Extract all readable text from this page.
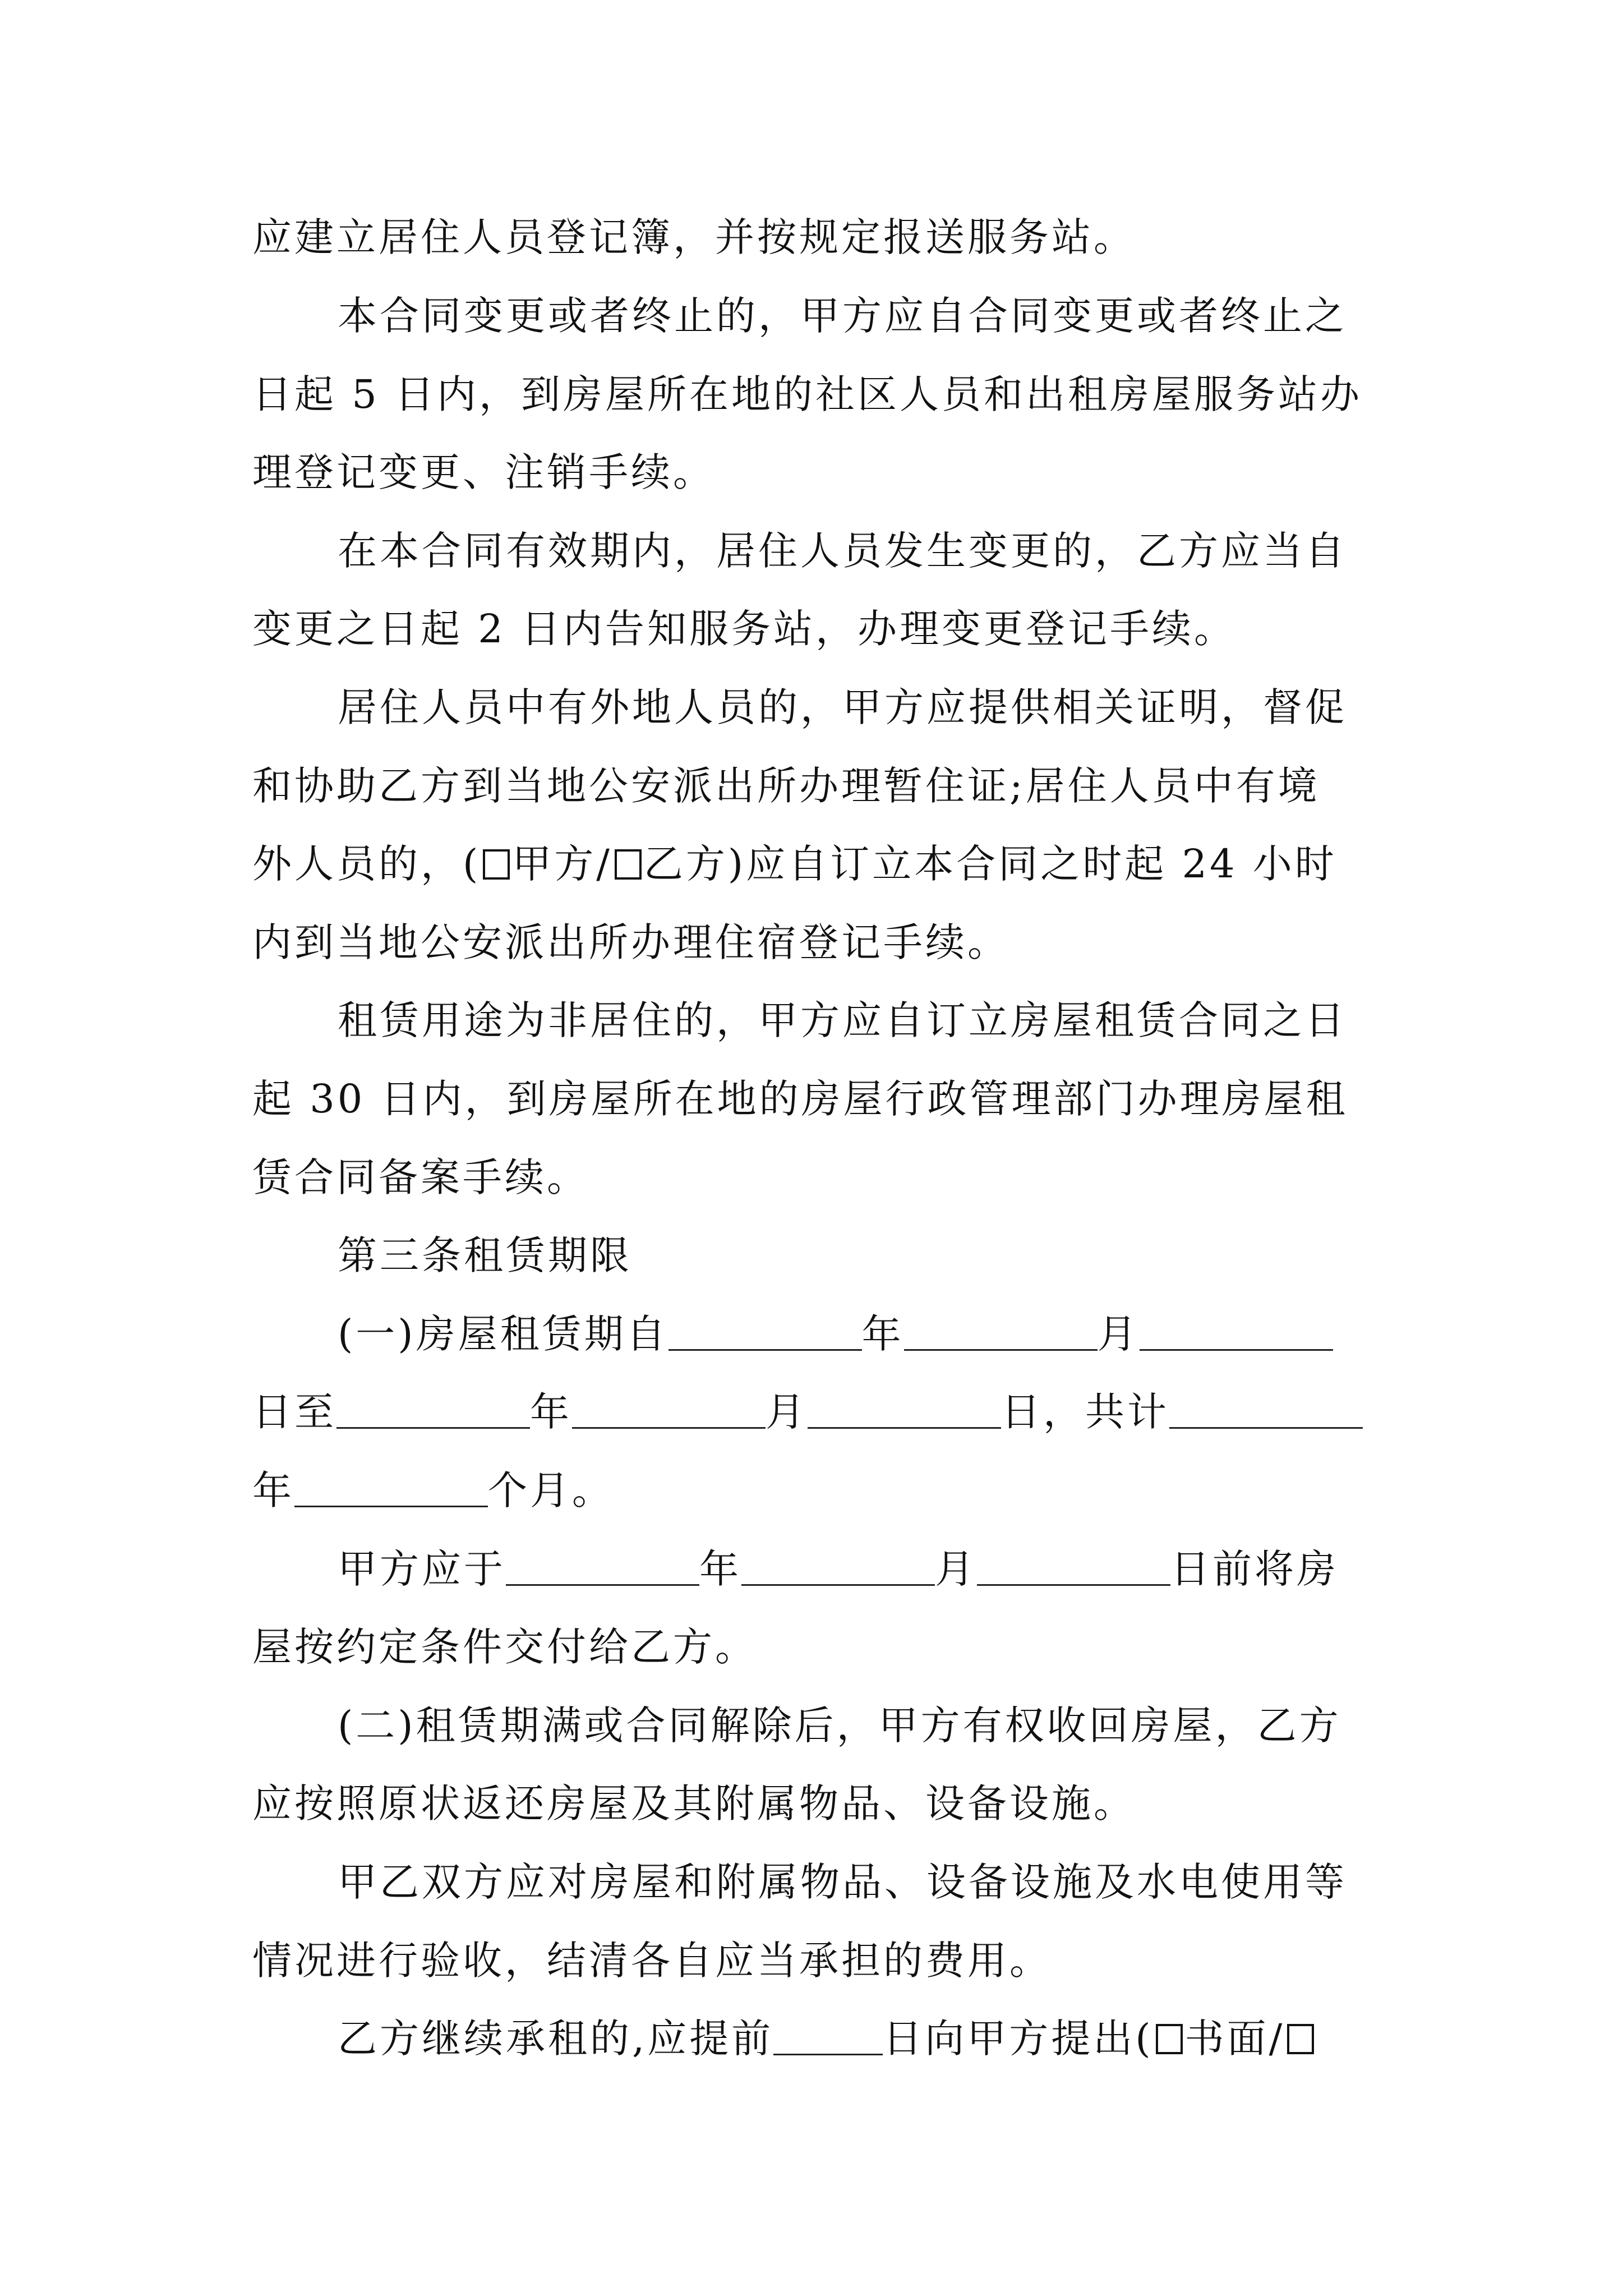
应建立居住人员登记簿，并按规定报送服务站。
本合同变更或者终止的，甲方应自合同变更或者终止之
日起 5 日内，到房屋所在地的社区人员和出租房屋服务站办
理登记变更、注销手续。
在本合同有效期内，居住人员发生变更的，乙方应当自
变更之日起 2 日内告知服务站，办理变更登记手续。
居住人员中有外地人员的，甲方应提供相关证明，督促
和协助乙方到当地公安派出所办理暂住证;居住人员中有境
外人员的，( 甲方/ 乙方)应自订立本合同之时起 24 小时
内到当地公安派出所办理住宿登记手续。
租赁用途为非居住的，甲方应自订立房屋租赁合同之日
起 30 日内，到房屋所在地的房屋行政管理部门办理房屋租
赁合同备案手续。
第三条租赁期限
(一)房屋租赁期自	年	月
日至	年	月	日，共计
年	个月。
甲方应于	年	月	日前将房
屋按约定条件交付给乙方。
(二)租赁期满或合同解除后，甲方有权收回房屋，乙方
应按照原状返还房屋及其附属物品、设备设施。
甲乙双方应对房屋和附属物品、设备设施及水电使用等
情况进行验收，结清各自应当承担的费用。
乙方继续承租的,应提前	日向甲方提出( 书面/
